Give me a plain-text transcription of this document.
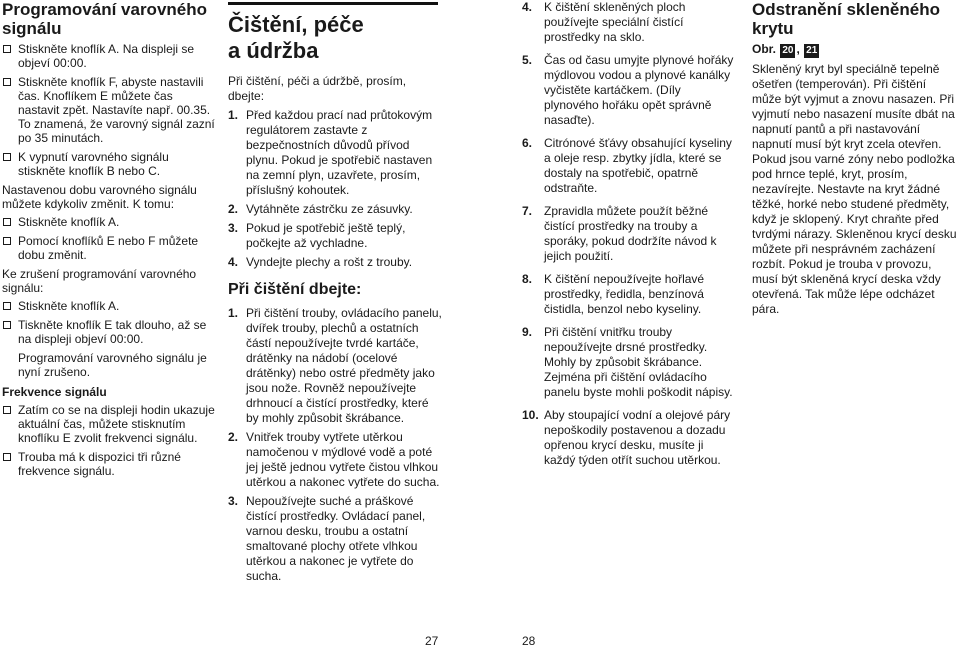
Programování varovného signálu
Stiskněte knoflík A. Na displeji se objeví 00:00.
Stiskněte knoflík F, abyste nastavili čas. Knoflíkem E můžete čas nastavit zpět. Nastavíte např. 00.35. To znamená, že varovný signál zazní po 35 minutách.
K vypnutí varovného signálu stiskněte knoflík B nebo C.

Nastavenou dobu varovného signálu můžete kdykoliv změnit. K tomu:

Stiskněte knoflík A.
Pomocí knoflíků E nebo F můžete dobu změnit.

Ke zrušení programování varovného signálu:

Stiskněte knoflík A.
Tiskněte knoflík E tak dlouho, až se na displeji objeví 00:00.

Programování varovného signálu je nyní zrušeno.

Frekvence signálu
Zatím co se na displeji hodin ukazuje aktuální čas, můžete stisknutím knoflíku E zvolit frekvenci signálu.
Trouba má k dispozici tři různé frekvence signálu.
Čištění, péče
a údržba

Při čištění, péči a údržbě, prosím, dbejte:

1. Před každou prací nad průtokovým regulátorem zastavte z bezpečnostních důvodů přívod plynu. Pokud je spotřebič nastaven na zemní plyn, uzavřete, prosím, příslušný kohoutek.
2. Vytáhněte zástrčku ze zásuvky.
3. Pokud je spotřebič ještě teplý, počkejte až vychladne.
4. Vyndejte plechy a rošt z trouby.
Při čištění dbejte:
1. Při čištění trouby, ovládacího panelu, dvířek trouby, plechů a ostatních částí nepoužívejte tvrdé kartáče, drátěnky na nádobí (ocelové drátěnky) nebo ostré předměty jako jsou nože. Rovněž nepoužívejte drhnoucí a čistící prostředky, které by mohly způsobit škrábance.
2. Vnitřek trouby vytřete utěrkou namočenou v mýdlové vodě a poté jej ještě jednou vytřete čistou vlhkou utěrkou a nakonec vytřete do sucha.
3. Nepoužívejte suché a práškové čistící prostředky. Ovládací panel, varnou desku, troubu a ostatní smaltované plochy otřete vlhkou utěrkou a nakonec je vytřete do sucha.
4. K čištění skleněných ploch používejte speciální čistící prostředky na sklo.
5. Čas od času umyjte plynové hořáky mýdlovou vodou a plynové kanálky vyčistěte kartáčkem. (Díly plynového hořáku opět správně nasaďte).
6. Citrónové šťávy obsahující kyseliny a oleje resp. zbytky jídla, které se dostaly na spotřebič, opatrně odstraňte.
7. Zpravidla můžete použít běžné čistící prostředky na trouby a sporáky, pokud dodržíte návod k jejich použití.
8. K čištění nepoužívejte hořlavé prostředky, ředidla, benzínová čistidla, benzol nebo kyseliny.
9. Při čištění vnitřku trouby nepoužívejte drsné prostředky. Mohly by způsobit škrábance. Zejména při čištění ovládacího panelu byste mohli poškodit nápisy.
10. Aby stoupající vodní a olejové páry nepoškodily postavenou a dozadu opřenou krycí desku, musíte ji každý týden otřít suchou utěrkou.
Odstranění skleněného krytu
Obr. 20 , 21

Skleněný kryt byl speciálně tepelně ošetřen (temperován). Při čištění může být vyjmut a znovu nasazen. Při vyjmutí nebo nasazení musíte dbát na napnutí pantů a při nastavování napnutí musí být kryt zcela otevřen. Pokud jsou varné zóny nebo podložka pod hrnce teplé, kryt, prosím, nezavírejte. Nestavte na kryt žádné těžké, horké nebo studené předměty, když je sklopený. Kryt chraňte před tvrdými nárazy. Skleněnou krycí desku můžete při nesprávném zacházení rozbít. Pokud je trouba v provozu, musí být skleněná krycí deska vždy otevřená. Tak může lépe odcházet pára.

27	28
